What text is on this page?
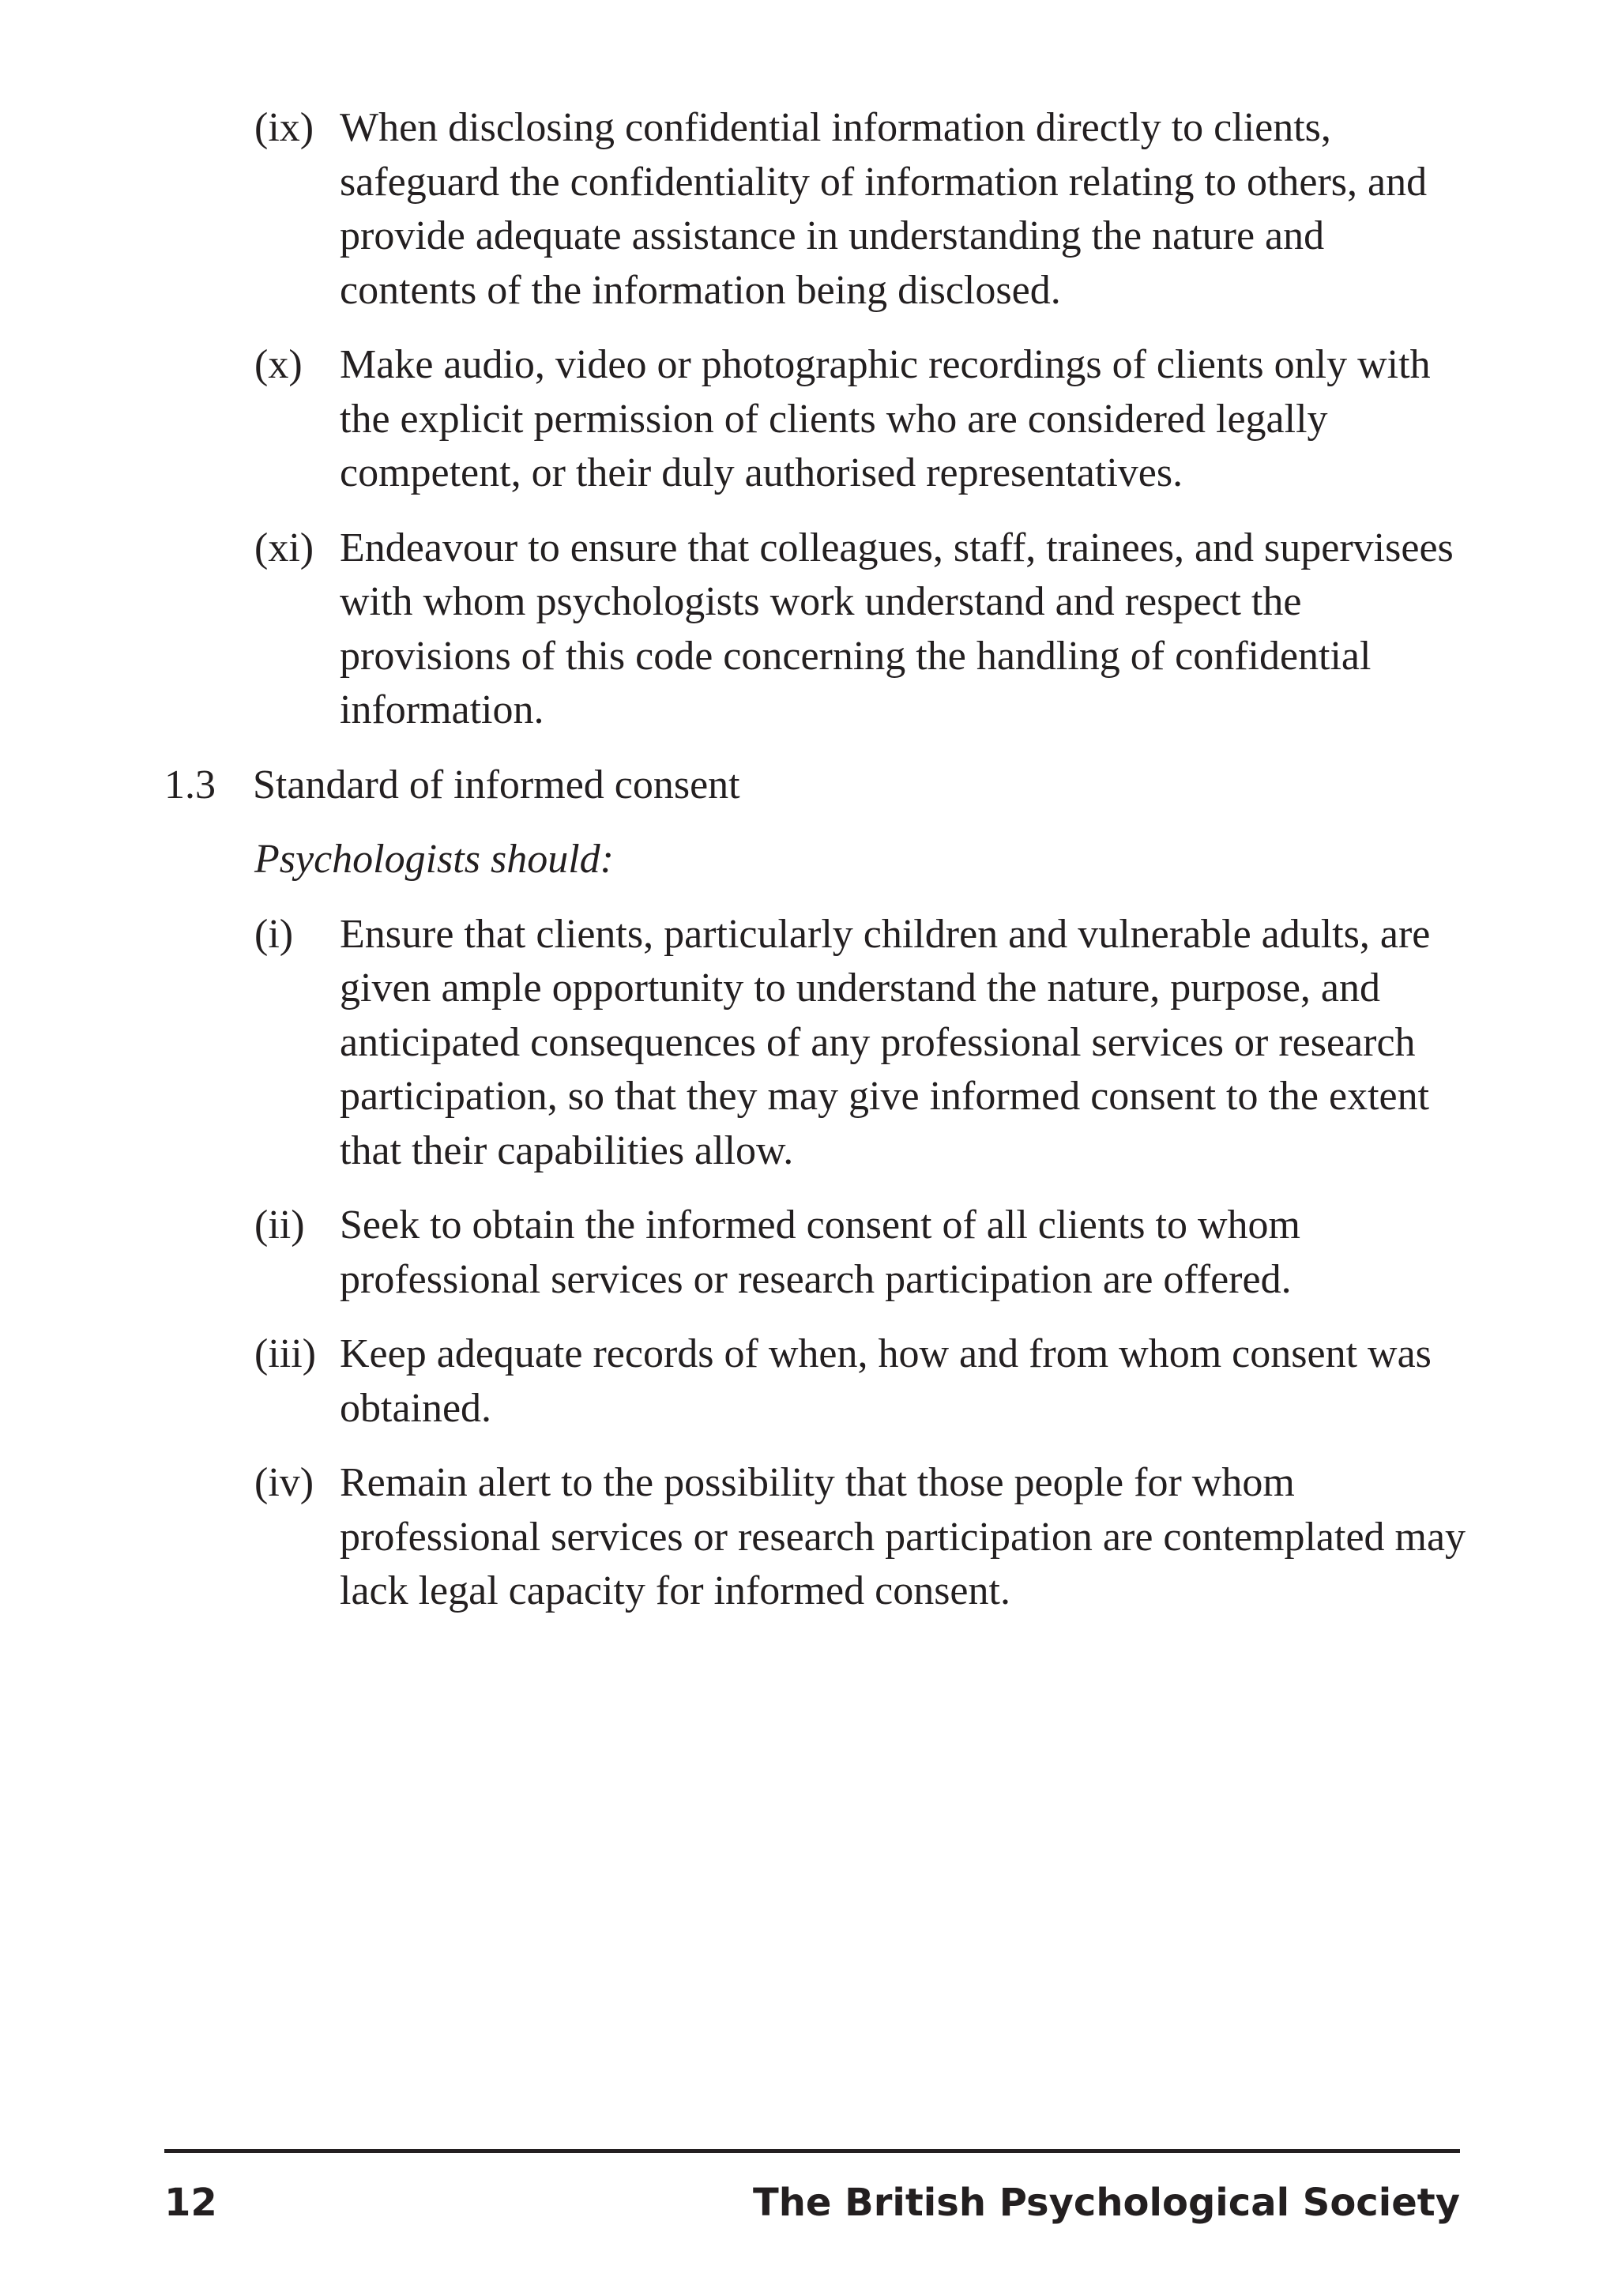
(ix) When disclosing confidential information directly to clients, safeguard the confidentiality of information relating to others, and provide adequate assistance in understanding the nature and contents of the information being disclosed.
(x) Make audio, video or photographic recordings of clients only with the explicit permission of clients who are considered legally competent, or their duly authorised representatives.
(xi) Endeavour to ensure that colleagues, staff, trainees, and supervisees with whom psychologists work understand and respect the provisions of this code concerning the handling of confidential information.
1.3 Standard of informed consent
Psychologists should:
(i) Ensure that clients, particularly children and vulnerable adults, are given ample opportunity to understand the nature, purpose, and anticipated consequences of any professional services or research participation, so that they may give informed consent to the extent that their capabilities allow.
(ii) Seek to obtain the informed consent of all clients to whom professional services or research participation are offered.
(iii) Keep adequate records of when, how and from whom consent was obtained.
(iv) Remain alert to the possibility that those people for whom professional services or research participation are contemplated may lack legal capacity for informed consent.
12	The British Psychological Society
